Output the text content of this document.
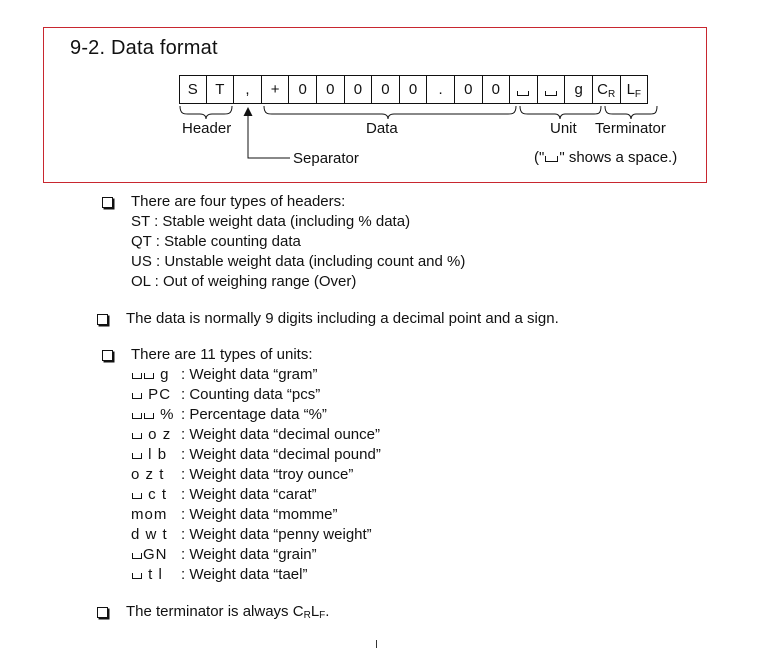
9-2. Data format
S T , + 0 0 0 0 0 . 0 0	g $C_R$ $L_F$
Header	Data	Unit Terminator
Separator	(" " shows a space.)
There are four types of headers:
ST : Stable weight data (including % data)
QT : Stable counting data
US : Unstable weight data (including count and %)
OL : Out of weighing range (Over)
The data is normally 9 digits including a decimal point and a sign.
There are 11 types of units:
g : Weight data “gram”
PC : Counting data “pcs”
% : Percentage data “%”
o z : Weight data “decimal ounce”
l b : Weight data “decimal pound”
o z t : Weight data “troy ounce”
c t : Weight data “carat”
mom : Weight data “momme”
d w t : Weight data “penny weight”
GN : Weight data “grain”
t l : Weight data “tael”
The terminator is always CRLF.
